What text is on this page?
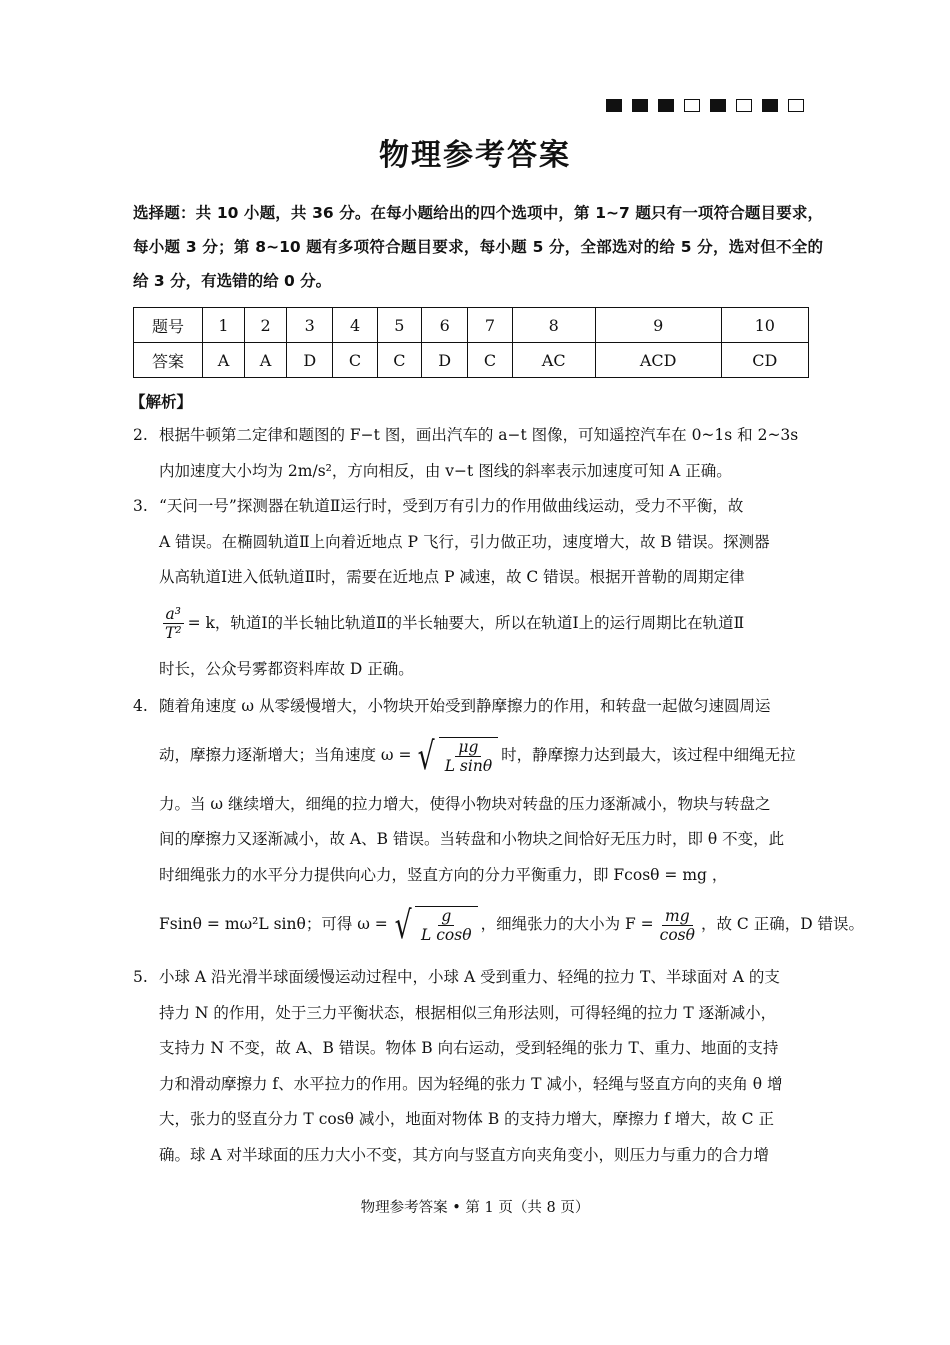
物理参考答案
选择题：共 10 小题，共 36 分。在每小题给出的四个选项中，第 1~7 题只有一项符合题目要求，每小题 3 分；第 8~10 题有多项符合题目要求，每小题 5 分，全部选对的给 5 分，选对但不全的给 3 分，有选错的给 0 分。
题号	1	2	3	4	5	6	7	8	9	10
答案	A	A	D	C	C	D	C	AC	ACD	CD
【解析】
2. 根据牛顿第二定律和题图的 F−t 图，画出汽车的 a−t 图像，可知遥控汽车在 0~1s 和 2~3s
内加速度大小均为 2m/s²，方向相反，由 v−t 图线的斜率表示加速度可知 A 正确。
3. “天问一号”探测器在轨道Ⅱ运行时，受到万有引力的作用做曲线运动，受力不平衡，故
A 错误。在椭圆轨道Ⅱ上向着近地点 P 飞行，引力做正功，速度增大，故 B 错误。探测器
从高轨道Ⅰ进入低轨道Ⅱ时，需要在近地点 P 减速，故 C 错误。根据开普勒的周期定律
$\frac{\text{a³}}{\text{T²}} = k$，轨道Ⅰ的半长轴比轨道Ⅱ的半长轴要大，所以在轨道Ⅰ上的运行周期比在轨道Ⅱ
时长，公众号雾都资料库故 D 正确。
4. 随着角速度 ω 从零缓慢增大，小物块开始受到静摩擦力的作用，和转盘一起做匀速圆周运
动，摩擦力逐渐增大；当角速度 ω = √ $\frac{\mu g}{\text{L sinθ}}$ 时，静摩擦力达到最大，该过程中细绳无拉
力。当 ω 继续增大，细绳的拉力增大，使得小物块对转盘的压力逐渐减小，物块与转盘之
间的摩擦力又逐渐减小，故 A、B 错误。当转盘和小物块之间恰好无压力时，即 θ 不变，此
时细绳张力的水平分力提供向心力，竖直方向的分力平衡重力，即 Fcosθ = mg ，
Fsinθ = mω²L sinθ；可得 ω = √ $\frac{g}{\text{L cosθ}}$ ，细绳张力的大小为 $F = \frac{mg}{\cos\theta}$ ，故 C 正确，D 错误。
5. 小球 A 沿光滑半球面缓慢运动过程中，小球 A 受到重力、轻绳的拉力 T、半球面对 A 的支
持力 N 的作用，处于三力平衡状态，根据相似三角形法则，可得轻绳的拉力 T 逐渐减小，
支持力 N 不变，故 A、B 错误。物体 B 向右运动，受到轻绳的张力 T、重力、地面的支持
力和滑动摩擦力 f、水平拉力的作用。因为轻绳的张力 T 减小，轻绳与竖直方向的夹角 θ 增
大，张力的竖直分力 T cosθ 减小，地面对物体 B 的支持力增大，摩擦力 f 增大，故 C 正
确。球 A 对半球面的压力大小不变，其方向与竖直方向夹角变小，则压力与重力的合力增
物理参考答案 • 第 1 页（共 8 页）
